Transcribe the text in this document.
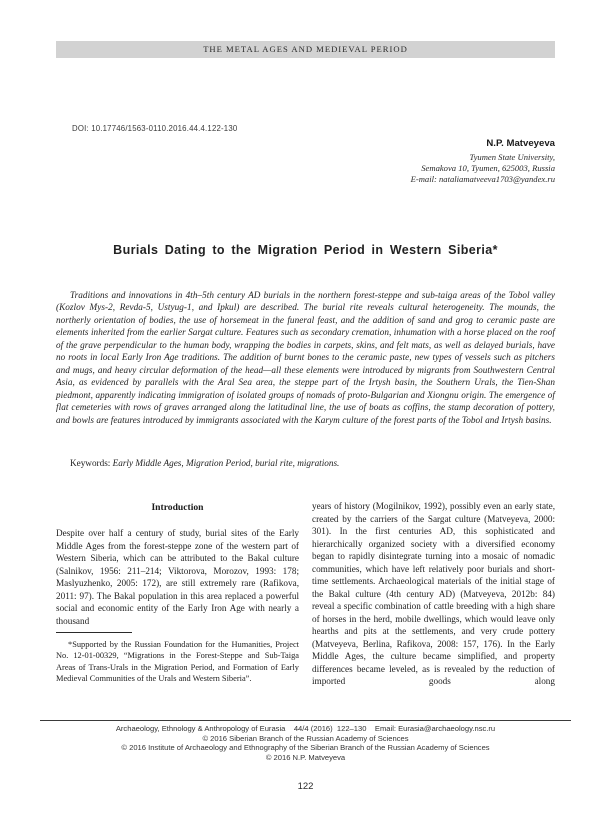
THE METAL AGES AND MEDIEVAL PERIOD
DOI: 10.17746/1563-0110.2016.44.4.122-130
N.P. Matveyeva
Tyumen State University,
Semakova 10, Tyumen, 625003, Russia
E-mail: nataliamatveeva1703@yandex.ru
Burials Dating to the Migration Period in Western Siberia*

Traditions and innovations in 4th–5th century AD burials in the northern forest-steppe and sub-taiga areas of the Tobol valley (Kozlov Mys-2, Revda-5, Ustyug-1, and Ipkul) are described. The burial rite reveals cultural heterogeneity. The mounds, the northerly orientation of bodies, the use of horsemeat in the funeral feast, and the addition of sand and grog to ceramic paste are elements inherited from the earlier Sargat culture. Features such as secondary cremation, inhumation with a horse placed on the roof of the grave perpendicular to the human body, wrapping the bodies in carpets, skins, and felt mats, as well as delayed burials, have no roots in local Early Iron Age traditions. The addition of burnt bones to the ceramic paste, new types of vessels such as pitchers and mugs, and heavy circular deformation of the head—all these elements were introduced by migrants from Southwestern Central Asia, as evidenced by parallels with the Aral Sea area, the steppe part of the Irtysh basin, the Southern Urals, the Tien-Shan piedmont, apparently indicating immigration of isolated groups of nomads of proto-Bulgarian and Xiongnu origin. The emergence of flat cemeteries with rows of graves arranged along the latitudinal line, the use of boats as coffins, the stamp decoration of pottery, and bowls are features introduced by immigrants associated with the Karym culture of the forest parts of the Tobol and Irtysh basins.

Keywords: Early Middle Ages, Migration Period, burial rite, migrations.

Introduction

Despite over half a century of study, burial sites of the Early Middle Ages from the forest-steppe zone of the western part of Western Siberia, which can be attributed to the Bakal culture (Salnikov, 1956: 211–214; Viktorova, Morozov, 1993: 178; Maslyuzhenko, 2005: 172), are still extremely rare (Rafikova, 2011: 97). The Bakal population in this area replaced a powerful social and economic entity of the Early Iron Age with nearly a thousand

years of history (Mogilnikov, 1992), possibly even an early state, created by the carriers of the Sargat culture (Matveyeva, 2000: 301). In the first centuries AD, this sophisticated and hierarchically organized society with a diversified economy began to rapidly disintegrate turning into a mosaic of nomadic communities, which have left relatively poor burials and short-time settlements. Archaeological materials of the initial stage of the Bakal culture (4th century AD) (Matveyeva, 2012b: 84) reveal a specific combination of cattle breeding with a high share of horses in the herd, mobile dwellings, which would leave only hearths and pits at the settlements, and very crude pottery (Matveyeva, Berlina, Rafikova, 2008: 157, 176). In the Early Middle Ages, the culture became simplified, and property differences became leveled, as is revealed by the reduction of imported goods along

*Supported by the Russian Foundation for the Humanities, Project No. 12-01-00329, “Migrations in the Forest-Steppe and Sub-Taiga Areas of Trans-Urals in the Migration Period, and Formation of Early Medieval Communities of the Urals and Western Siberia”.

Archaeology, Ethnology & Anthropology of Eurasia    44/4 (2016)  122–130    Email: Eurasia@archaeology.nsc.ru
© 2016 Siberian Branch of the Russian Academy of Sciences
© 2016 Institute of Archaeology and Ethnography of the Siberian Branch of the Russian Academy of Sciences
© 2016 N.P. Matveyeva
122
